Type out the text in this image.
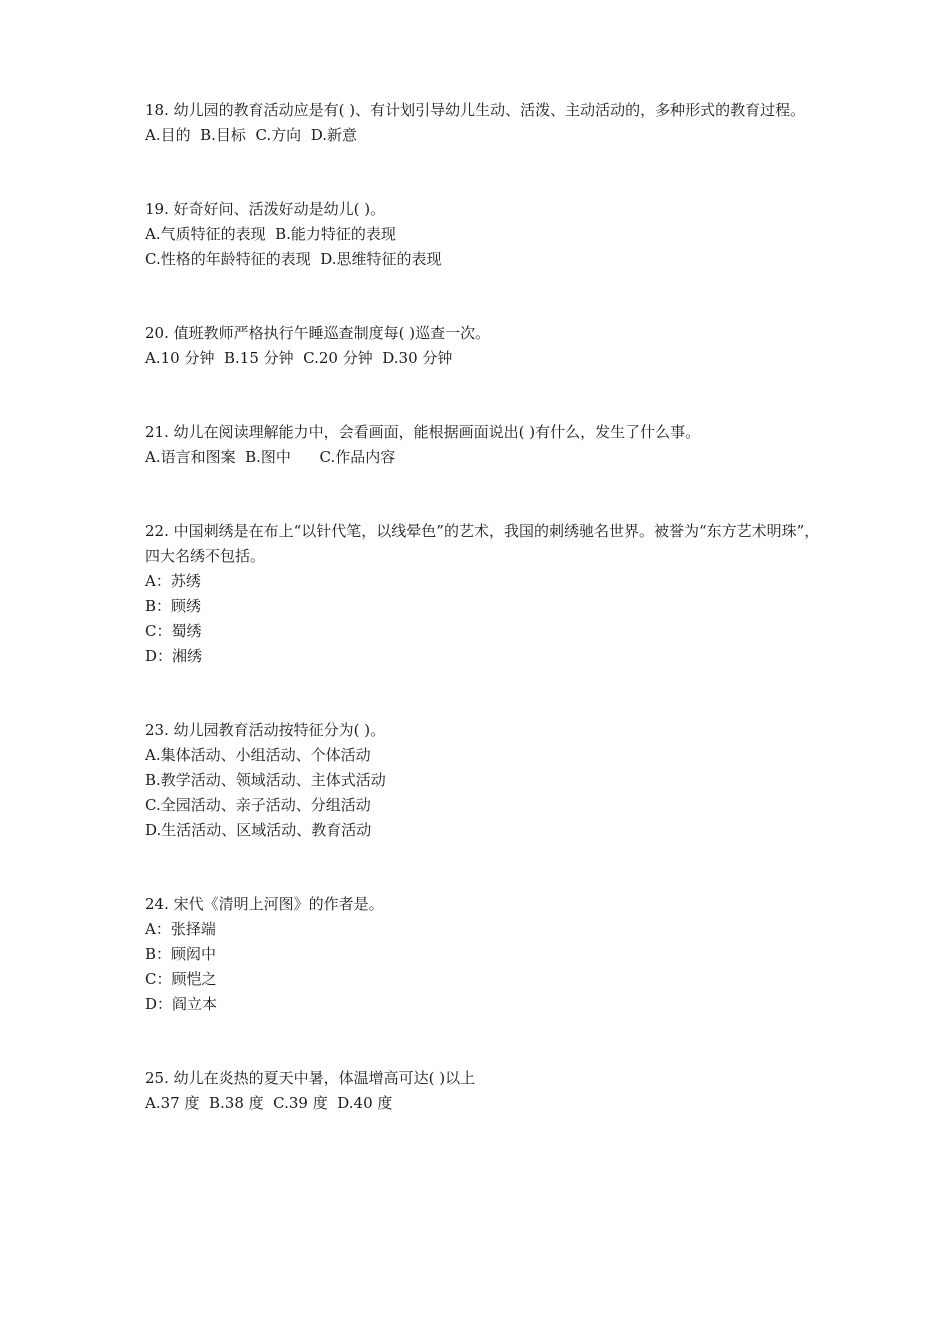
18. 幼儿园的教育活动应是有( )、有计划引导幼儿生动、活泼、主动活动的，多种形式的教育过程。

A.目的  B.目标  C.方向  D.新意

19. 好奇好问、活泼好动是幼儿( )。

A.气质特征的表现  B.能力特征的表现

C.性格的年龄特征的表现  D.思维特征的表现

20. 值班教师严格执行午睡巡查制度每( )巡查一次。

A.10 分钟  B.15 分钟  C.20 分钟  D.30 分钟

21. 幼儿在阅读理解能力中，会看画面，能根据画面说出( )有什么，发生了什么事。

A.语言和图案  B.图中      C.作品内容

22. 中国刺绣是在布上“以针代笔，以线晕色”的艺术，我国的刺绣驰名世界。被誉为“东方艺术明珠”，四大名绣不包括。

A：苏绣

B：顾绣

C：蜀绣

D：湘绣

23. 幼儿园教育活动按特征分为( )。

A.集体活动、小组活动、个体活动

B.教学活动、领域活动、主体式活动

C.全园活动、亲子活动、分组活动

D.生活活动、区域活动、教育活动

24. 宋代《清明上河图》的作者是。

A：张择端

B：顾闳中

C：顾恺之

D：阎立本

25. 幼儿在炎热的夏天中暑，体温增高可达( )以上

A.37 度  B.38 度  C.39 度  D.40 度
